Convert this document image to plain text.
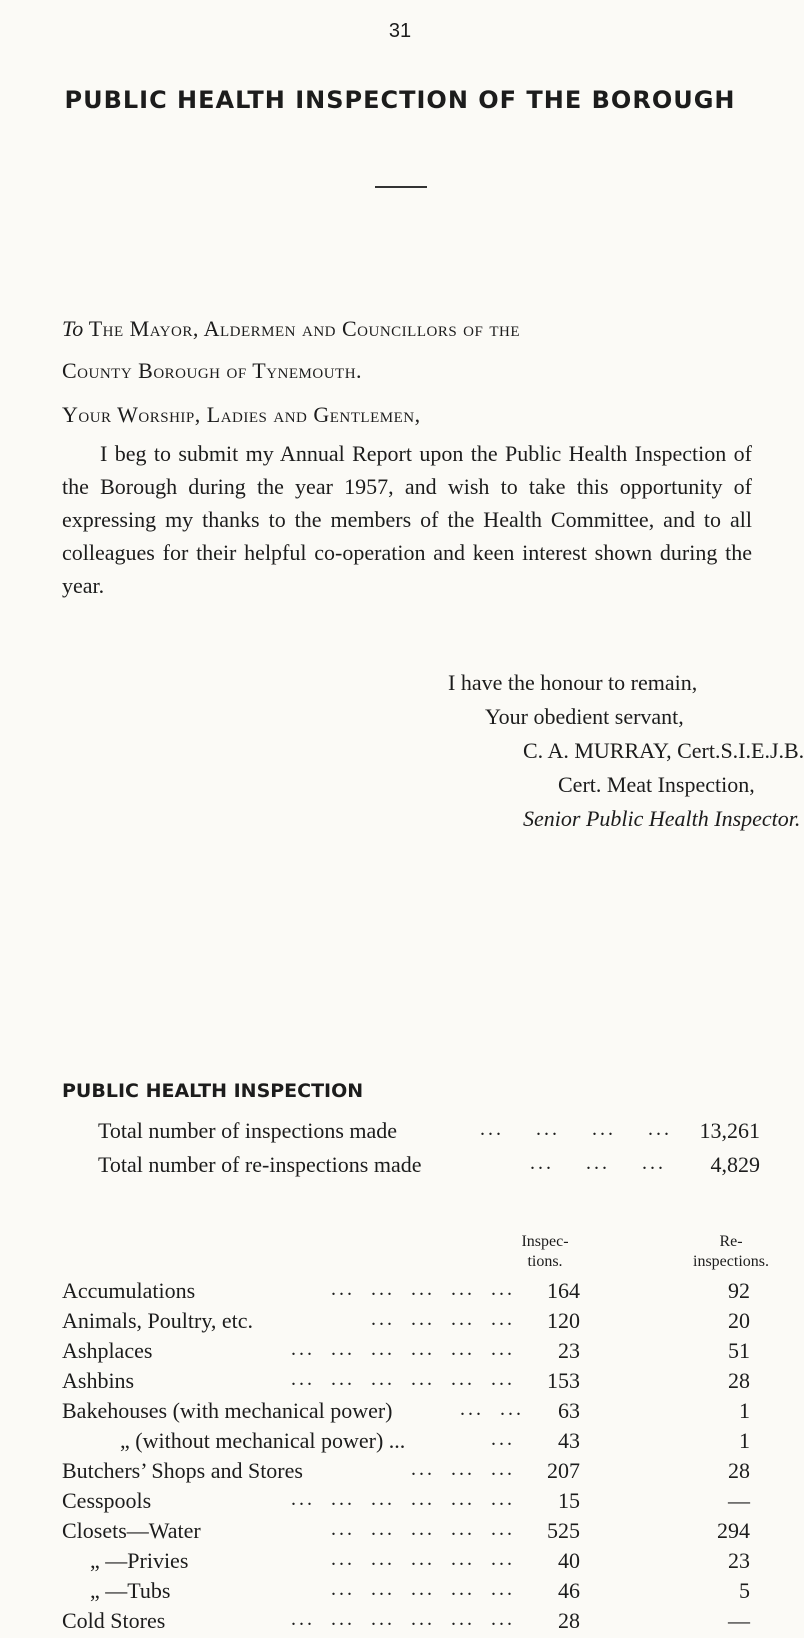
31
PUBLIC HEALTH INSPECTION OF THE BOROUGH
To The Mayor, Aldermen and Councillors of the
County Borough of Tynemouth.
Your Worship, Ladies and Gentlemen,
I beg to submit my Annual Report upon the Public Health Inspection of the Borough during the year 1957, and wish to take this opportunity of expressing my thanks to the members of the Health Committee, and to all colleagues for their helpful co-operation and keen interest shown during the year.
I have the honour to remain,
Your obedient servant,
C. A. MURRAY, Cert.S.I.E.J.B.
Cert. Meat Inspection,
Senior Public Health Inspector.
PUBLIC HEALTH INSPECTION
Total number of inspections made	...    ...    ...    ... 13,261
Total number of re-inspections made	...    ...    ... 4,829
Inspec-
tions.
Re-
inspections.
Accumulations	...  ...  ...  ...  ...	164	92
Animals, Poultry, etc.	...  ...  ...  ...	120	20
Ashplaces	...  ...  ...  ...  ...  ...	23	51
Ashbins	...  ...  ...  ...  ...  ...	153	28
Bakehouses (with mechanical power)	...  ...	63	1
„ (without mechanical power) ...	...	43	1
Butchers’ Shops and Stores	...  ...  ...	207	28
Cesspools	...  ...  ...  ...  ...  ...	15	—
Closets—Water	...  ...  ...  ...  ...	525	294
„ —Privies	...  ...  ...  ...  ...	40	23
„ —Tubs	...  ...  ...  ...  ...	46	5
Cold Stores	...  ...  ...  ...  ...  ...	28	—
